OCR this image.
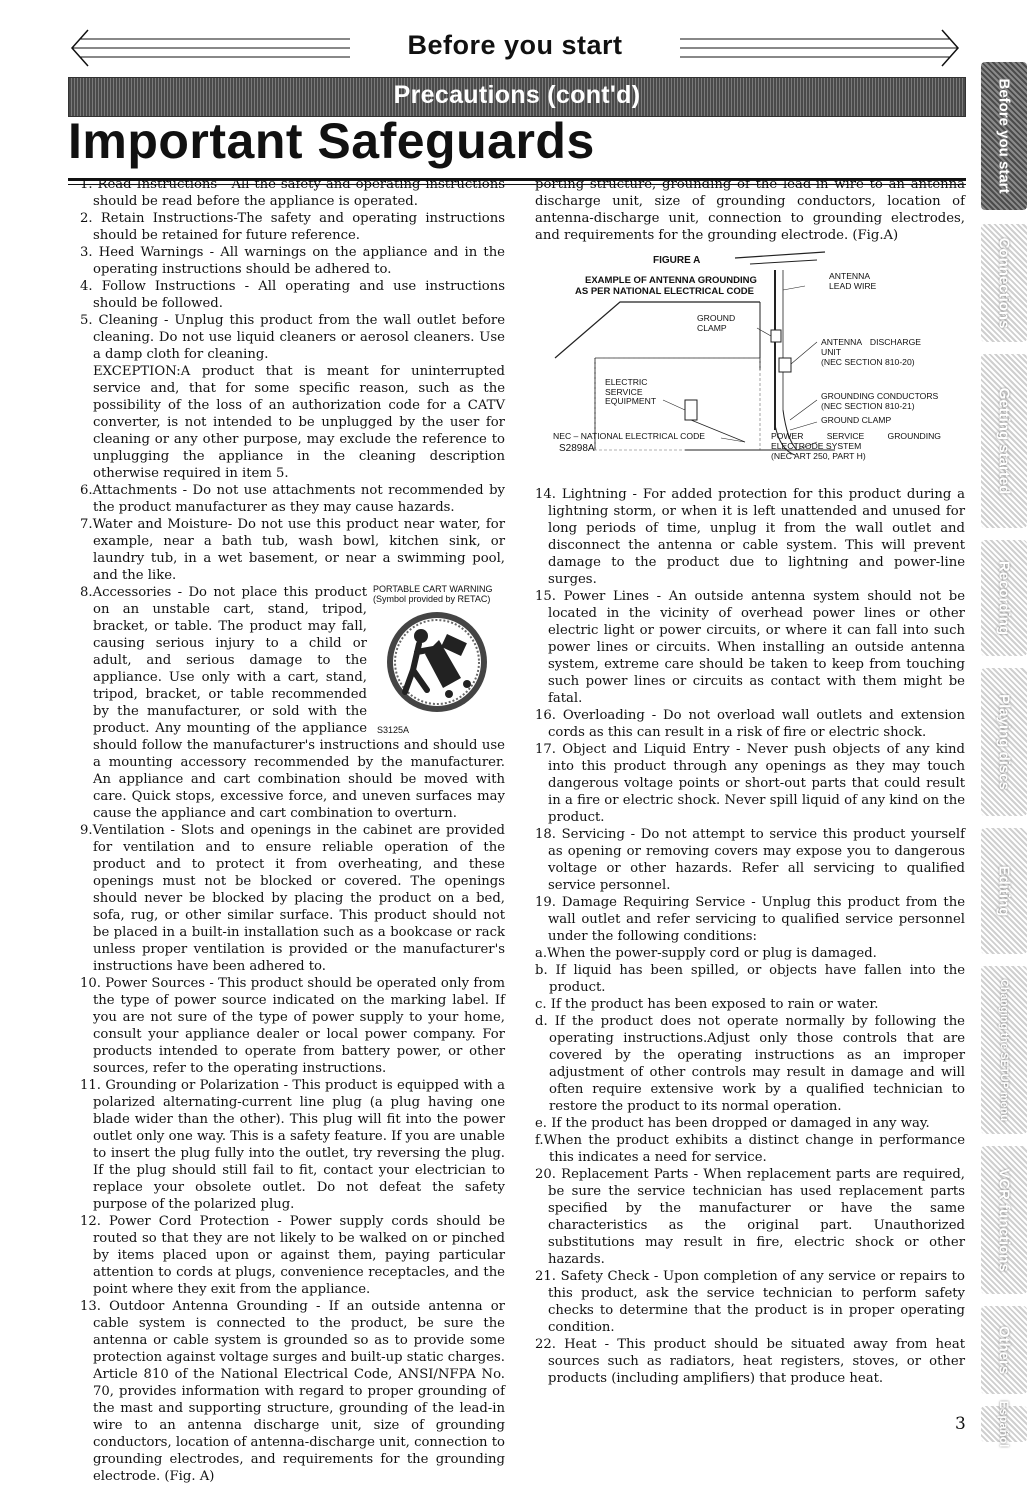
Before you start
Precautions (cont'd)
Important Safeguards

1. Read Instructions - All the safety and operating instructions should be read before the appliance is operated.

2. Retain Instructions-The safety and operating instructions should be retained for future reference.

3. Heed Warnings - All warnings on the appliance and in the operating instructions should be adhered to.

4. Follow Instructions - All operating and use instructions should be followed.

5. Cleaning - Unplug this product from the wall outlet before cleaning. Do not use liquid cleaners or aerosol cleaners. Use a damp cloth for cleaning.

EXCEPTION:A product that is meant for uninterrupted service and, that for some specific reason, such as the possibility of the loss of an authorization code for a CATV converter, is not intended to be unplugged by the user for cleaning or any other purpose, may exclude the reference to unplugging the appliance in the cleaning description otherwise required in item 5.

6.Attachments - Do not use attachments not recommended by the product manufacturer as they may cause hazards.

7.Water and Moisture- Do not use this product near water, for example, near a bath tub, wash bowl, kitchen sink, or laundry tub, in a wet basement, or near a swimming pool, and the like.

PORTABLE CART WARNING
(Symbol provided by RETAC)
S3125A
8.Accessories - Do not place this product on an unstable cart, stand, tripod, bracket, or table. The product may fall, causing serious injury to a child or adult, and serious damage to the appliance. Use only with a cart, stand, tripod, bracket, or table recommended by the manufacturer, or sold with the product. Any mounting of the appliance should follow the manufacturer's instructions and should use a mounting accessory recommended by the manufacturer. An appliance and cart combination should be moved with care. Quick stops, excessive force, and uneven surfaces may cause the appliance and cart combination to overturn.

9.Ventilation - Slots and openings in the cabinet are provided for ventilation and to ensure reliable operation of the product and to protect it from overheating, and these openings must not be blocked or covered. The openings should never be blocked by placing the product on a bed, sofa, rug, or other similar surface. This product should not be placed in a built-in installation such as a bookcase or rack unless proper ventilation is provided or the manufacturer's instructions have been adhered to.

10. Power Sources - This product should be operated only from the type of power source indicated on the marking label. If you are not sure of the type of power supply to your home, consult your appliance dealer or local power company. For products intended to operate from battery power, or other sources, refer to the operating instructions.

11. Grounding or Polarization - This product is equipped with a polarized alternating-current line plug (a plug having one blade wider than the other). This plug will fit into the power outlet only one way. This is a safety feature. If you are unable to insert the plug fully into the outlet, try reversing the plug. If the plug should still fail to fit, contact your electrician to replace your obsolete outlet. Do not defeat the safety purpose of the polarized plug.

12. Power Cord Protection - Power supply cords should be routed so that they are not likely to be walked on or pinched by items placed upon or against them, paying particular attention to cords at plugs, convenience receptacles, and the point where they exit from the appliance.

13. Outdoor Antenna Grounding - If an outside antenna or cable system is connected to the product, be sure the antenna or cable system is grounded so as to provide some protection against voltage surges and built-up static charges. Article 810 of the National Electrical Code, ANSI/NFPA No. 70, provides information with regard to proper grounding of the mast and supporting structure, grounding of the lead-in wire to an antenna discharge unit, size of grounding conductors, location of antenna-discharge unit, connection to grounding electrodes, and requirements for the grounding electrode. (Fig. A)

porting structure, grounding of the lead-in wire to an antenna discharge unit, size of grounding conductors, location of antenna-discharge unit, connection to grounding electrodes, and requirements for the grounding electrode. (Fig.A)

FIGURE A
EXAMPLE OF ANTENNA GROUNDING
AS PER NATIONAL ELECTRICAL CODE
ANTENNA LEAD WIRE
GROUND CLAMP
ANTENNA DISCHARGE UNIT
(NEC SECTION 810-20)
ELECTRIC SERVICE EQUIPMENT	GROUNDING CONDUCTORS
(NEC SECTION 810-21)
GROUND CLAMP
NEC – NATIONAL ELECTRICAL CODE
S2898A
POWER SERVICE GROUNDING ELECTRODE SYSTEM
(NEC ART 250, PART H)

14. Lightning - For added protection for this product during a lightning storm, or when it is left unattended and unused for long periods of time, unplug it from the wall outlet and disconnect the antenna or cable system. This will prevent damage to the product due to lightning and power-line surges.

15. Power Lines - An outside antenna system should not be located in the vicinity of overhead power lines or other electric light or power circuits, or where it can fall into such power lines or circuits. When installing an outside antenna system, extreme care should be taken to keep from touching such power lines or circuits as contact with them might be fatal.

16. Overloading - Do not overload wall outlets and extension cords as this can result in a risk of fire or electric shock.

17. Object and Liquid Entry - Never push objects of any kind into this product through any openings as they may touch dangerous voltage points or short-out parts that could result in a fire or electric shock. Never spill liquid of any kind on the product.

18. Servicing - Do not attempt to service this product yourself as opening or removing covers may expose you to dangerous voltage or other hazards. Refer all servicing to qualified service personnel.

19. Damage Requiring Service - Unplug this product from the wall outlet and refer servicing to qualified service personnel under the following conditions:

a.When the power-supply cord or plug is damaged.

b. If liquid has been spilled, or objects have fallen into the product.

c. If the product has been exposed to rain or water.

d. If the product does not operate normally by following the operating instructions.Adjust only those controls that are covered by the operating instructions as an improper adjustment of other controls may result in damage and will often require extensive work by a qualified technician to restore the product to its normal operation.

e. If the product has been dropped or damaged in any way.

f.When the product exhibits a distinct change in performance this indicates a need for service.

20. Replacement Parts - When replacement parts are required, be sure the service technician has used replacement parts specified by the manufacturer or have the same characteristics as the original part. Unauthorized substitutions may result in fire, electric shock or other hazards.

21. Safety Check - Upon completion of any service or repairs to this product, ask the service technician to perform safety checks to determine that the product is in proper operating condition.

22. Heat - This product should be situated away from heat sources such as radiators, heat registers, stoves, or other products (including amplifiers) that produce heat.

Before you start
Connections
Getting started
Recording
Playing discs
Editing
Changing the SETUP menu
VCR functions
Others
Español
3
